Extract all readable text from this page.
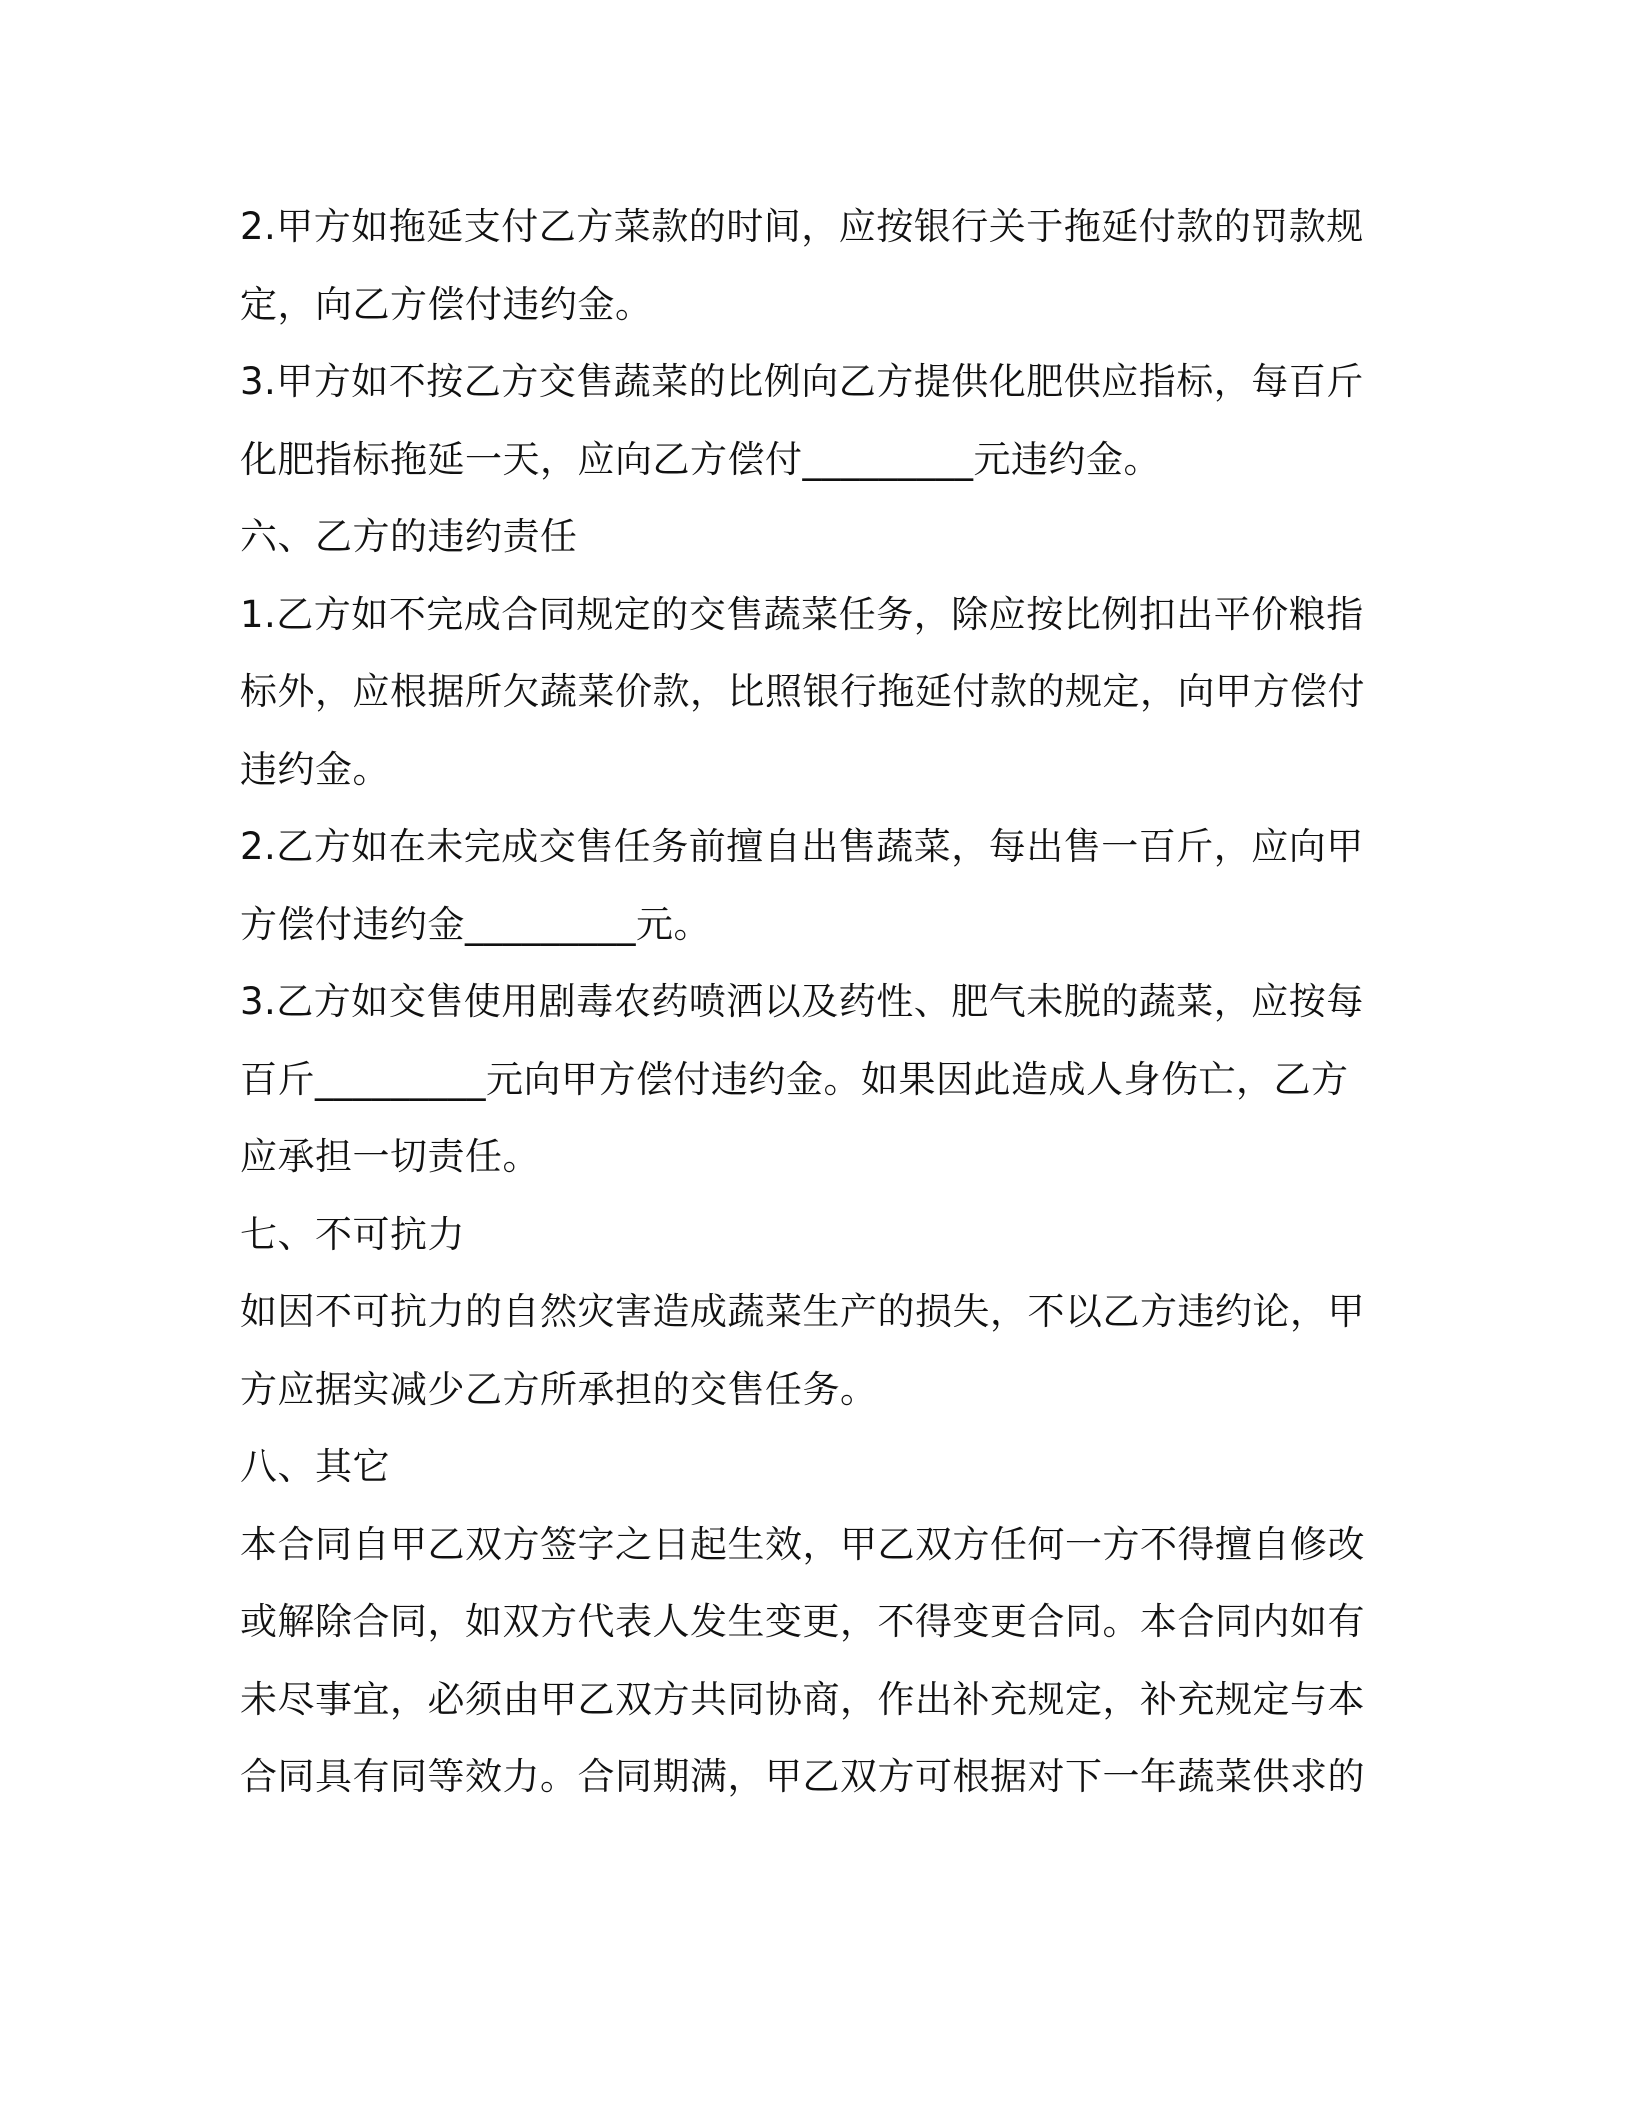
2.甲方如拖延支付乙方菜款的时间，应按银行关于拖延付款的罚款规
定，向乙方偿付违约金。

3.甲方如不按乙方交售蔬菜的比例向乙方提供化肥供应指标，每百斤
化肥指标拖延一天，应向乙方偿付_________元违约金。

六、乙方的违约责任

1.乙方如不完成合同规定的交售蔬菜任务，除应按比例扣出平价粮指
标外，应根据所欠蔬菜价款，比照银行拖延付款的规定，向甲方偿付
违约金。

2.乙方如在未完成交售任务前擅自出售蔬菜，每出售一百斤，应向甲
方偿付违约金_________元。

3.乙方如交售使用剧毒农药喷洒以及药性、肥气未脱的蔬菜，应按每
百斤_________元向甲方偿付违约金。如果因此造成人身伤亡，乙方
应承担一切责任。

七、不可抗力

如因不可抗力的自然灾害造成蔬菜生产的损失，不以乙方违约论，甲
方应据实减少乙方所承担的交售任务。

八、其它

本合同自甲乙双方签字之日起生效，甲乙双方任何一方不得擅自修改
或解除合同，如双方代表人发生变更，不得变更合同。本合同内如有
未尽事宜，必须由甲乙双方共同协商，作出补充规定，补充规定与本
合同具有同等效力。合同期满，甲乙双方可根据对下一年蔬菜供求的
